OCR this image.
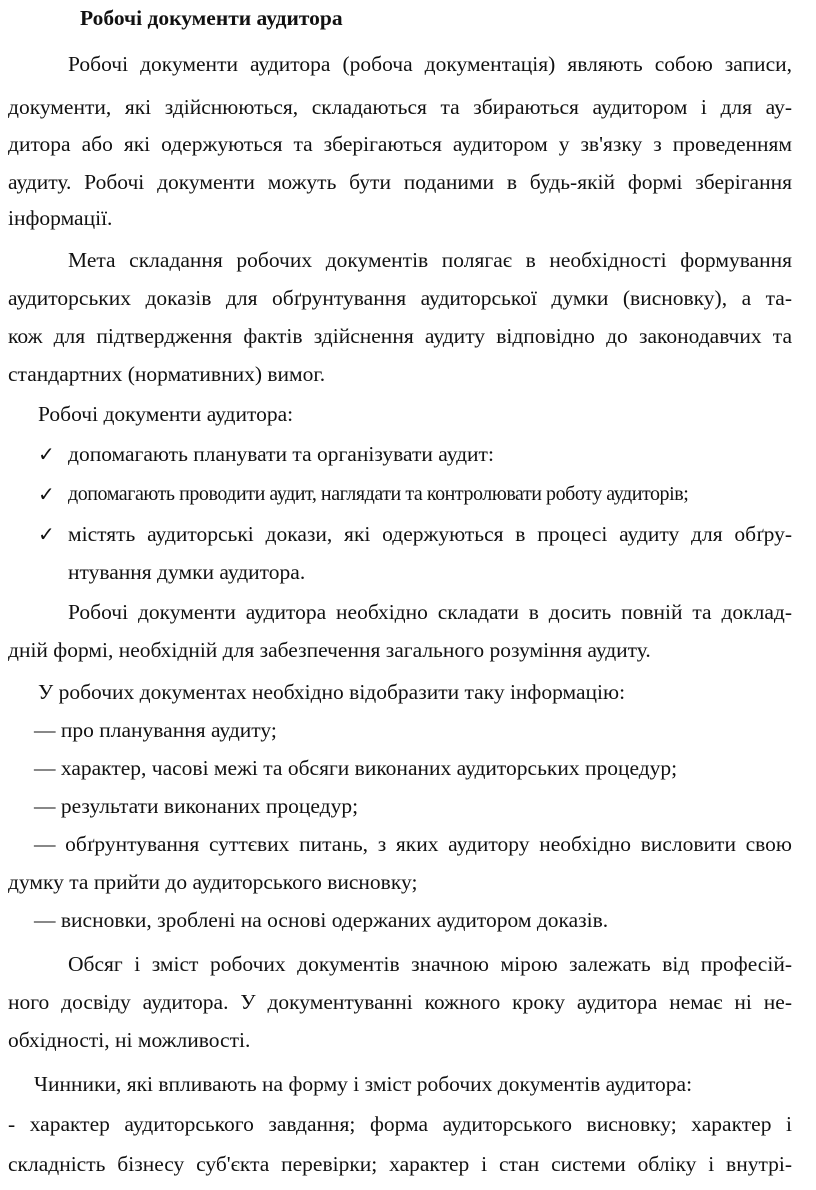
Робочі документи аудитора
Робочі документи аудитора (робоча документація) являють собою записи,
документи, які здійснюються, складаються та збираються аудитором і для ау-
дитора або які одержуються та зберігаються аудитором у зв'язку з проведенням
аудиту. Робочі документи можуть бути поданими в будь-якій формі зберігання
інформації.
Мета складання робочих документів полягає в необхідності формування
аудиторських доказів для обґрунтування аудиторської думки (висновку), а та-
кож для підтвердження фактів здійснення аудиту відповідно до законодавчих та
стандартних (нормативних) вимог.
Робочі документи аудитора:
✓ допомагають планувати та організувати аудит:
✓ допомагають проводити аудит, наглядати та контролювати роботу аудиторів;
✓ містять аудиторські докази, які одержуються в процесі аудиту для обґру-
нтування думки аудитора.
Робочі документи аудитора необхідно складати в досить повній та доклад-
дній формі, необхідній для забезпечення загального розуміння аудиту.
У робочих документах необхідно відобразити таку інформацію:
— про планування аудиту;
— характер, часові межі та обсяги виконаних аудиторських процедур;
— результати виконаних процедур;
— обґрунтування суттєвих питань, з яких аудитору необхідно висловити свою
думку та прийти до аудиторського висновку;
— висновки, зроблені на основі одержаних аудитором доказів.
Обсяг і зміст робочих документів значною мірою залежать від професій-
ного досвіду аудитора. У документуванні кожного кроку аудитора немає ні не-
обхідності, ні можливості.
Чинники, які впливають на форму і зміст робочих документів аудитора:
- характер аудиторського завдання; форма аудиторського висновку; характер і
складність бізнесу суб'єкта перевірки; характер і стан системи обліку і внутрі-
